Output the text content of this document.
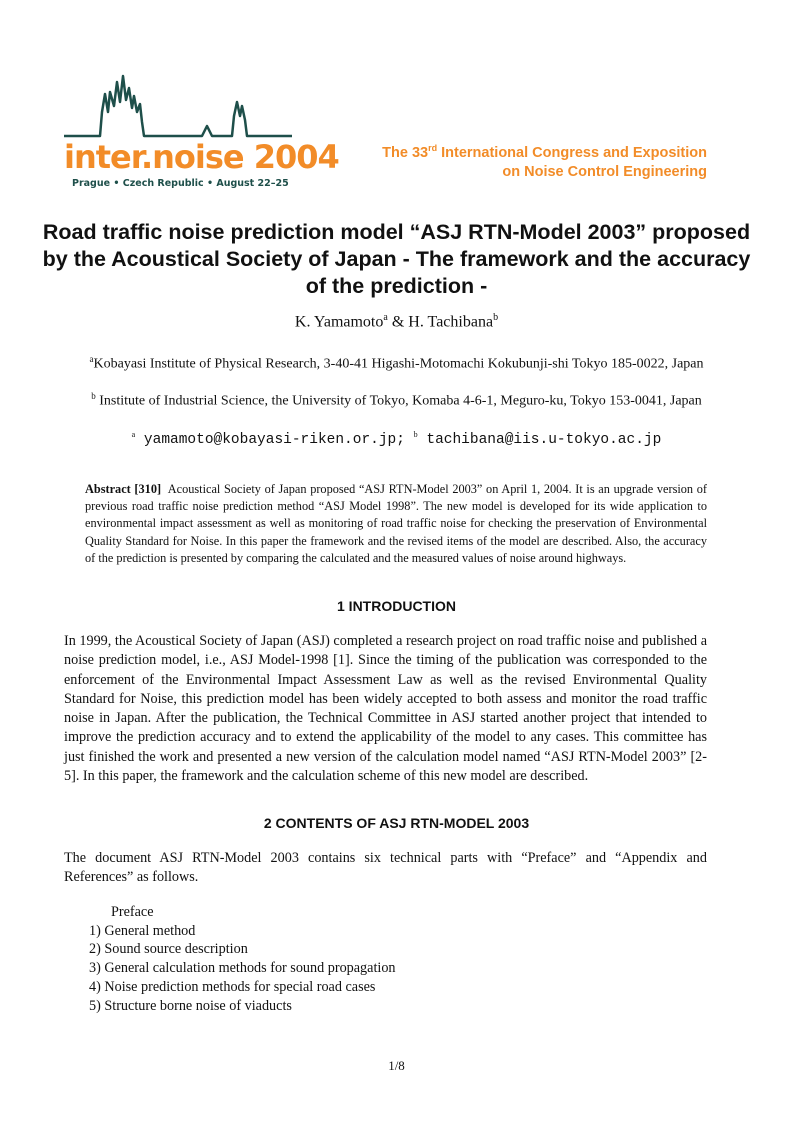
inter.noise 2004
Prague • Czech Republic • August 22–25
The 33rd International Congress and Exposition
on Noise Control Engineering
Road traffic noise prediction model “ASJ RTN-Model 2003” proposed by the Acoustical Society of Japan - The framework and the accuracy of the prediction -
K. Yamamoto$^a$ & H. Tachibana$^b$
$^a$Kobayasi Institute of Physical Research, 3-40-41 Higashi-Motomachi Kokubunji-shi Tokyo 185-0022, Japan
$^b$ Institute of Industrial Science, the University of Tokyo, Komaba 4-6-1, Meguro-ku, Tokyo 153-0041, Japan
$^a$ yamamoto@kobayasi-riken.or.jp; $^b$ tachibana@iis.u-tokyo.ac.jp
Abstract [310] Acoustical Society of Japan proposed “ASJ RTN-Model 2003” on April 1, 2004. It is an upgrade version of previous road traffic noise prediction method “ASJ Model 1998”. The new model is developed for its wide application to environmental impact assessment as well as monitoring of road traffic noise for checking the preservation of Environmental Quality Standard for Noise. In this paper the framework and the revised items of the model are described. Also, the accuracy of the prediction is presented by comparing the calculated and the measured values of noise around highways.
1 INTRODUCTION
In 1999, the Acoustical Society of Japan (ASJ) completed a research project on road traffic noise and published a noise prediction model, i.e., ASJ Model-1998 [1]. Since the timing of the publication was corresponded to the enforcement of the Environmental Impact Assessment Law as well as the revised Environmental Quality Standard for Noise, this prediction model has been widely accepted to both assess and monitor the road traffic noise in Japan. After the publication, the Technical Committee in ASJ started another project that intended to improve the prediction accuracy and to extend the applicability of the model to any cases. This committee has just finished the work and presented a new version of the calculation model named “ASJ RTN-Model 2003” [2-5]. In this paper, the framework and the calculation scheme of this new model are described.
2 CONTENTS OF ASJ RTN-MODEL 2003
The document ASJ RTN-Model 2003 contains six technical parts with “Preface” and “Appendix and References” as follows.
Preface
1) General method
2) Sound source description
3) General calculation methods for sound propagation
4) Noise prediction methods for special road cases
5) Structure borne noise of viaducts
1/8
